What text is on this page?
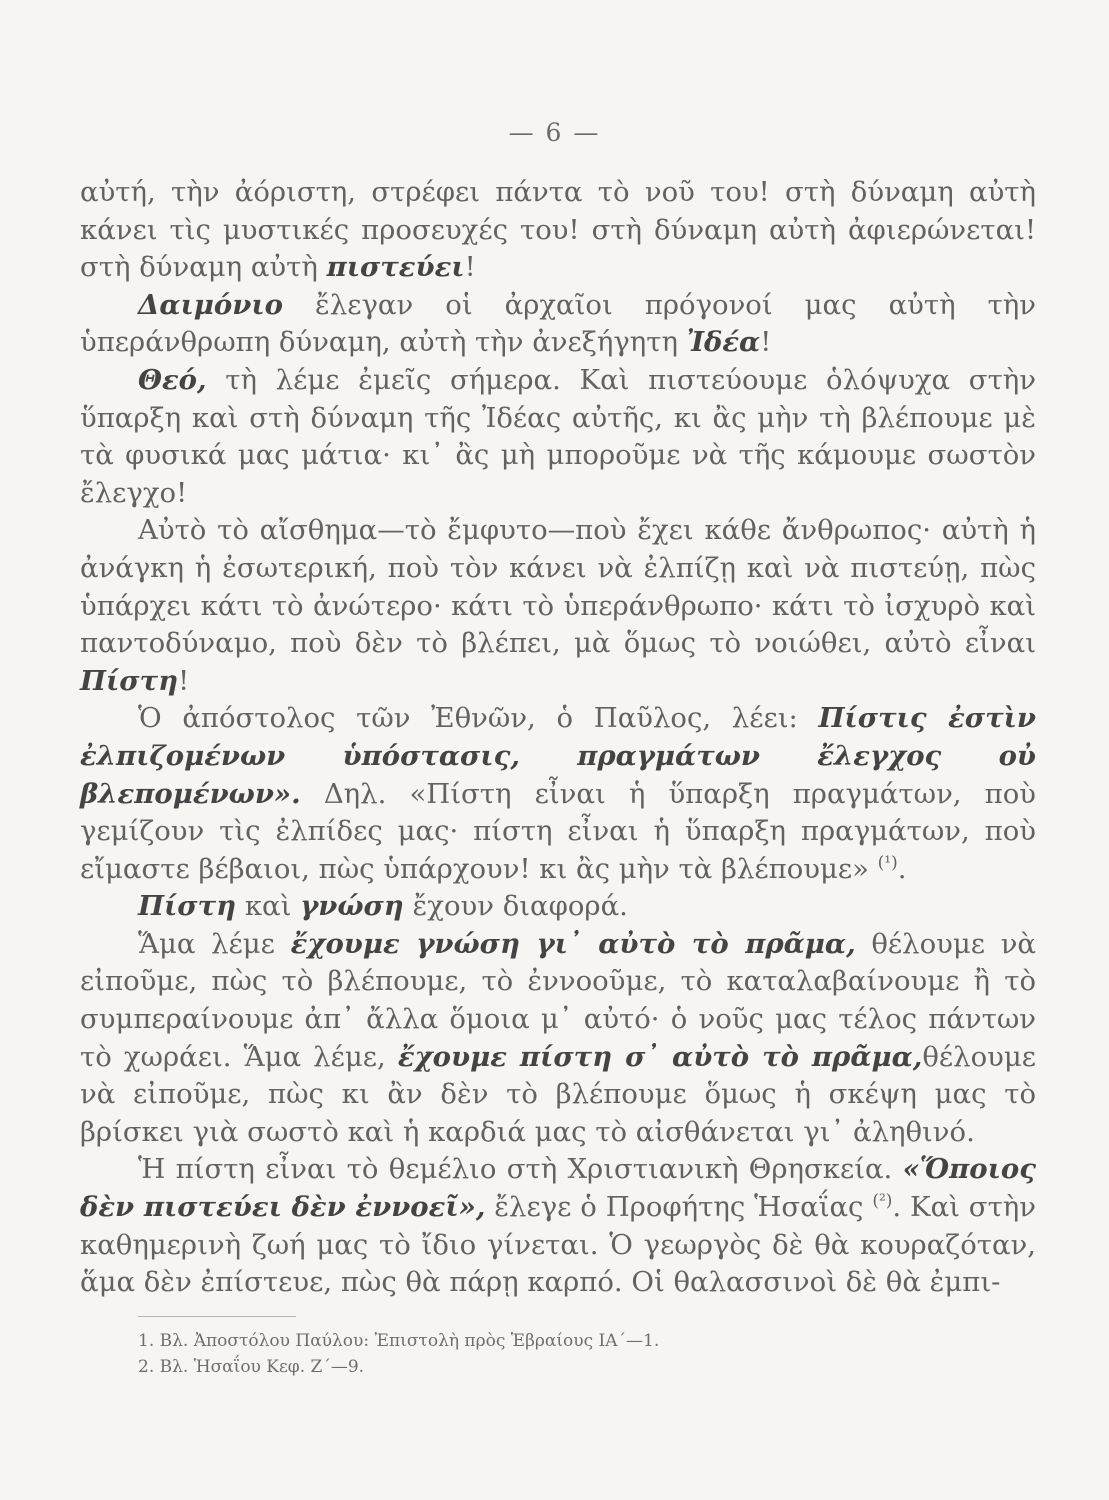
— 6 —

αὐτή, τὴν ἀόριστη, στρέφει πάντα τὸ νοῦ του! στὴ δύναμη αὐτὴ κάνει τὶς μυστικές προσευχές του! στὴ δύναμη αὐτὴ ἀφιερώνεται! στὴ δύναμη αὐτὴ πιστεύει!

Δαιμόνιο ἔλεγαν οἱ ἀρχαῖοι πρόγονοί μας αὐτὴ τὴν ὑπεράνθρωπη δύναμη, αὐτὴ τὴν ἀνεξήγητη Ἰδέα!

Θεό, τὴ λέμε ἐμεῖς σήμερα. Καὶ πιστεύουμε ὁλόψυχα στὴν ὕπαρξη καὶ στὴ δύναμη τῆς Ἰδέας αὐτῆς, κι ἂς μὴν τὴ βλέπουμε μὲ τὰ φυσικά μας μάτια· κι᾽ ἂς μὴ μποροῦμε νὰ τῆς κάμουμε σωστὸν ἔλεγχο!

Αὐτὸ τὸ αἴσθημα—τὸ ἔμφυτο—ποὺ ἔχει κάθε ἄνθρωπος· αὐτὴ ἡ ἀνάγκη ἡ ἐσωτερική, ποὺ τὸν κάνει νὰ ἐλπίζῃ καὶ νὰ πιστεύῃ, πὼς ὑπάρχει κάτι τὸ ἀνώτερο· κάτι τὸ ὑπεράνθρωπο· κάτι τὸ ἰσχυρὸ καὶ παντοδύναμο, ποὺ δὲν τὸ βλέπει, μὰ ὅμως τὸ νοιώθει, αὐτὸ εἶναι Πίστη!

Ὁ ἀπόστολος τῶν Ἐθνῶν, ὁ Παῦλος, λέει: Πίστις ἐστὶν ἐλπιζομένων ὑπόστασις, πραγμάτων ἔλεγχος οὐ βλεπομένων». Δηλ. «Πίστη εἶναι ἡ ὕπαρξη πραγμάτων, ποὺ γεμίζουν τὶς ἐλπίδες μας· πίστη εἶναι ἡ ὕπαρξη πραγμάτων, ποὺ εἴμαστε βέβαιοι, πὼς ὑπάρχουν! κι ἂς μὴν τὰ βλέπουμε» $^{(^1)}$.

Πίστη καὶ γνώση ἔχουν διαφορά.

Ἅμα λέμε ἔχουμε γνώση γι᾽ αὐτὸ τὸ πρᾶμα, θέλουμε νὰ εἰποῦμε, πὼς τὸ βλέπουμε, τὸ ἐννοοῦμε, τὸ καταλαβαίνουμε ἢ τὸ συμπεραίνουμε ἀπ᾽ ἄλλα ὅμοια μ᾽ αὐτό· ὁ νοῦς μας τέλος πάντων τὸ χωράει. Ἅμα λέμε, ἔχουμε πίστη σ᾽ αὐτὸ τὸ πρᾶμα,θέλουμε νὰ εἰποῦμε, πὼς κι ἂν δὲν τὸ βλέπουμε ὅμως ἡ σκέψη μας τὸ βρίσκει γιὰ σωστὸ καὶ ἡ καρδιά μας τὸ αἰσθάνεται γι᾽ ἀληθινό.

Ἡ πίστη εἶναι τὸ θεμέλιο στὴ Χριστιανικὴ Θρησκεία. «Ὅποιος δὲν πιστεύει δὲν ἐννοεῖ», ἔλεγε ὁ Προφήτης Ἡσαΐας $^{(^2)}$. Καὶ στὴν καθημερινὴ ζωή μας τὸ ἴδιο γίνεται. Ὁ γεωργὸς δὲ θὰ κουραζόταν, ἅμα δὲν ἐπίστευε, πὼς θὰ πάρῃ καρπό. Οἱ θαλασσινοὶ δὲ θὰ ἐμπι-

1. Βλ. Ἀποστόλου Παύλου: Ἐπιστολὴ πρὸς Ἑβραίους ΙΑ΄—1.

2. Βλ. Ἡσαΐου Κεφ. Ζ΄—9.
